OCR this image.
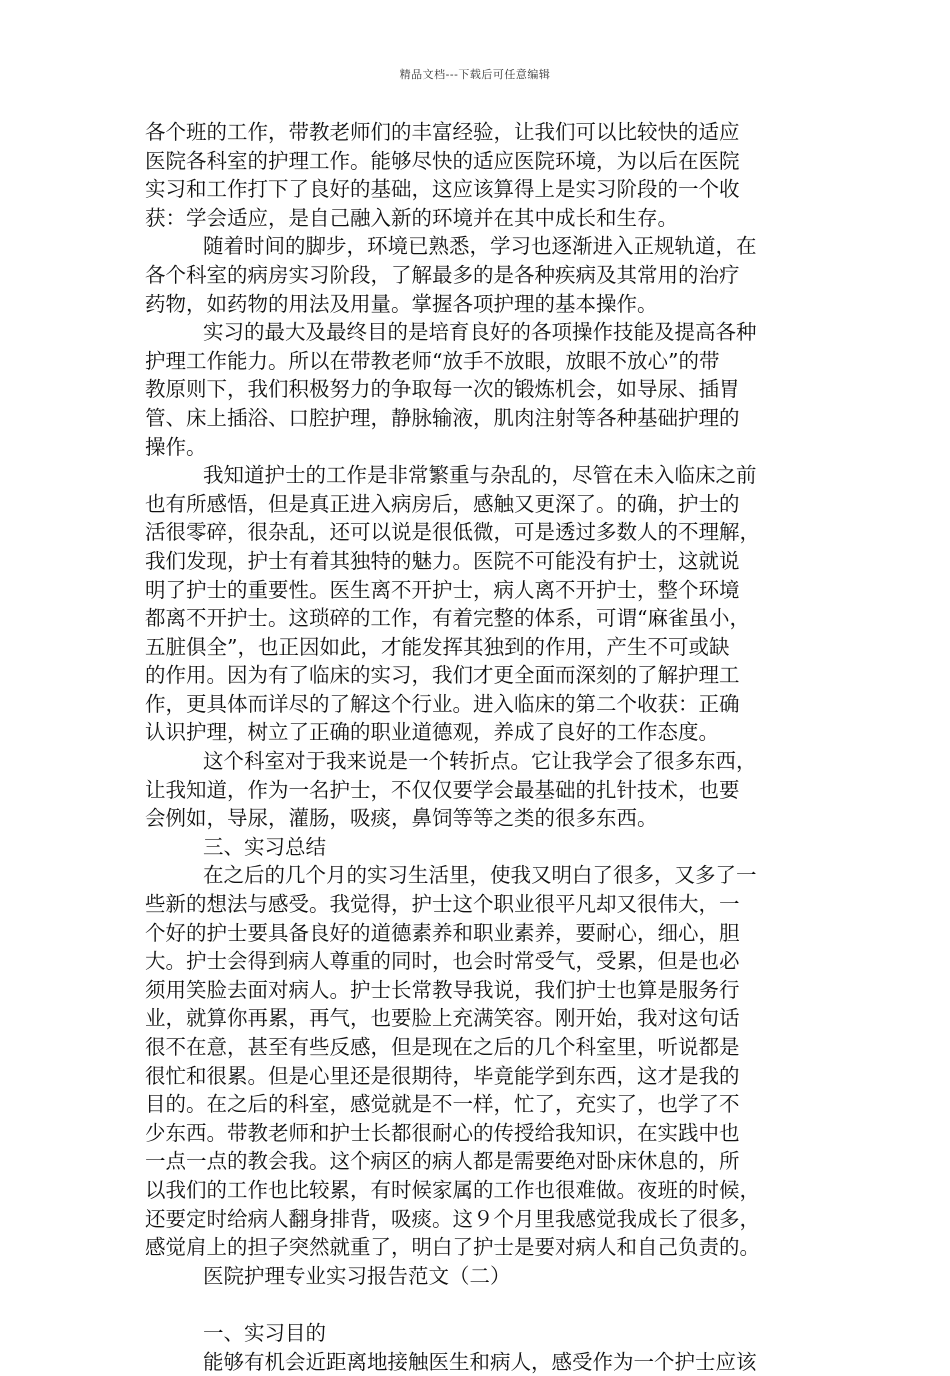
精品文档---下载后可任意编辑
各个班的工作，带教老师们的丰富经验，让我们可以比较快的适应
医院各科室的护理工作。能够尽快的适应医院环境，为以后在医院
实习和工作打下了良好的基础，这应该算得上是实习阶段的一个收
获：学会适应，是自己融入新的环境并在其中成长和生存。
随着时间的脚步，环境已熟悉，学习也逐渐进入正规轨道，在
各个科室的病房实习阶段，了解最多的是各种疾病及其常用的治疗
药物，如药物的用法及用量。掌握各项护理的基本操作。
实习的最大及最终目的是培育良好的各项操作技能及提高各种
护理工作能力。所以在带教老师“放手不放眼，放眼不放心”的带
教原则下，我们积极努力的争取每一次的锻炼机会，如导尿、插胃
管、床上插浴、口腔护理，静脉输液，肌肉注射等各种基础护理的
操作。
我知道护士的工作是非常繁重与杂乱的，尽管在未入临床之前
也有所感悟，但是真正进入病房后，感触又更深了。的确，护士的
活很零碎，很杂乱，还可以说是很低微，可是透过多数人的不理解，
我们发现，护士有着其独特的魅力。医院不可能没有护士，这就说
明了护士的重要性。医生离不开护士，病人离不开护士，整个环境
都离不开护士。这琐碎的工作，有着完整的体系，可谓“麻雀虽小，
五脏俱全”，也正因如此，才能发挥其独到的作用，产生不可或缺
的作用。因为有了临床的实习，我们才更全面而深刻的了解护理工
作，更具体而详尽的了解这个行业。进入临床的第二个收获：正确
认识护理，树立了正确的职业道德观，养成了良好的工作态度。
这个科室对于我来说是一个转折点。它让我学会了很多东西，
让我知道，作为一名护士，不仅仅要学会最基础的扎针技术，也要
会例如，导尿，灌肠，吸痰，鼻饲等等之类的很多东西。
三、实习总结
在之后的几个月的实习生活里，使我又明白了很多，又多了一
些新的想法与感受。我觉得，护士这个职业很平凡却又很伟大，一
个好的护士要具备良好的道德素养和职业素养，要耐心，细心，胆
大。护士会得到病人尊重的同时，也会时常受气，受累，但是也必
须用笑脸去面对病人。护士长常教导我说，我们护士也算是服务行
业，就算你再累，再气，也要脸上充满笑容。刚开始，我对这句话
很不在意，甚至有些反感，但是现在之后的几个科室里，听说都是
很忙和很累。但是心里还是很期待，毕竟能学到东西，这才是我的
目的。在之后的科室，感觉就是不一样，忙了，充实了，也学了不
少东西。带教老师和护士长都很耐心的传授给我知识，在实践中也
一点一点的教会我。这个病区的病人都是需要绝对卧床休息的，所
以我们的工作也比较累，有时候家属的工作也很难做。夜班的时候，
还要定时给病人翻身排背，吸痰。这９个月里我感觉我成长了很多，
感觉肩上的担子突然就重了，明白了护士是要对病人和自己负责的。
医院护理专业实习报告范文（二）
一、实习目的
能够有机会近距离地接触医生和病人，感受作为一个护士应该
